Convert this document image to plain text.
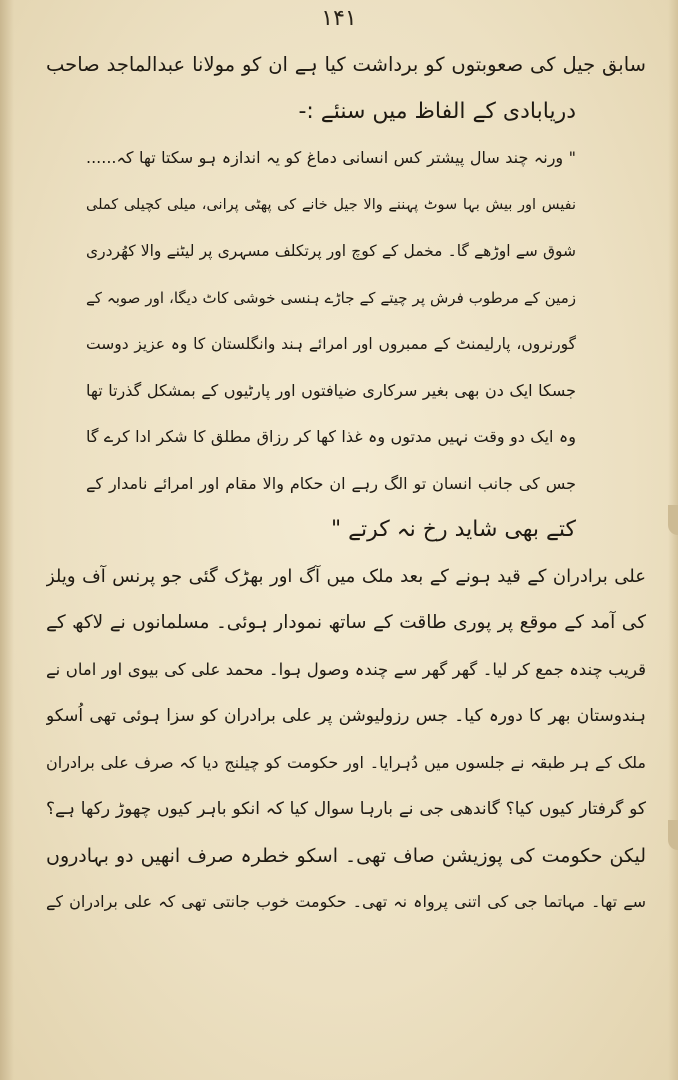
۱۴۱
سابق جیل کی صعوبتوں کو برداشت کیا ہے ان کو مولانا عبدالماجد صاحب
دریابادی کے الفاظ میں سنئے :-
" ورنہ چند سال پیشتر کس انسانی دماغ کو یہ اندازہ ہو سکتا تھا کہ......
نفیس اور بیش بہا سوٹ پہننے والا جیل خانے کی پھٹی پرانی، میلی کچیلی کملی
شوق سے اوڑھے گا۔ مخمل کے کوچ اور پرتکلف مسہری پر لیٹنے والا کھُردری
زمین کے مرطوب فرش پر چیتے کے جاڑے ہنسی خوشی کاٹ دیگا، اور صوبہ کے
گورنروں، پارلیمنٹ کے ممبروں اور امرائے ہند وانگلستان کا وہ عزیز دوست
جسکا ایک دن بھی بغیر سرکاری ضیافتوں اور پارٹیوں کے بمشکل گذرتا تھا
وہ ایک دو وقت نہیں مدتوں وہ غذا کھا کر رزاق مطلق کا شکر ادا کرے گا
جس کی جانب انسان تو الگ رہے ان حکام والا مقام اور امرائے نامدار کے
کتے بھی شاید رخ نہ کرتے "
علی برادران کے قید ہونے کے بعد ملک میں آگ اور بھڑک گئی جو پرنس آف ویلز
کی آمد کے موقع پر پوری طاقت کے ساتھ نمودار ہوئی۔ مسلمانوں نے لاکھ کے
قریب چندہ جمع کر لیا۔ گھر گھر سے چندہ وصول ہوا۔ محمد علی کی بیوی اور اماں نے
ہندوستان بھر کا دورہ کیا۔ جس رزولیوشن پر علی برادران کو سزا ہوئی تھی اُسکو
ملک کے ہر طبقہ نے جلسوں میں دُہرایا۔ اور حکومت کو چیلنج دیا کہ صرف علی برادران
کو گرفتار کیوں کیا؟ گاندھی جی نے بارہا سوال کیا کہ انکو باہر کیوں چھوڑ رکھا ہے؟
لیکن حکومت کی پوزیشن صاف تھی۔ اسکو خطرہ صرف انھیں دو بہادروں
سے تھا۔ مہاتما جی کی اتنی پرواہ نہ تھی۔ حکومت خوب جانتی تھی کہ علی برادران کے
